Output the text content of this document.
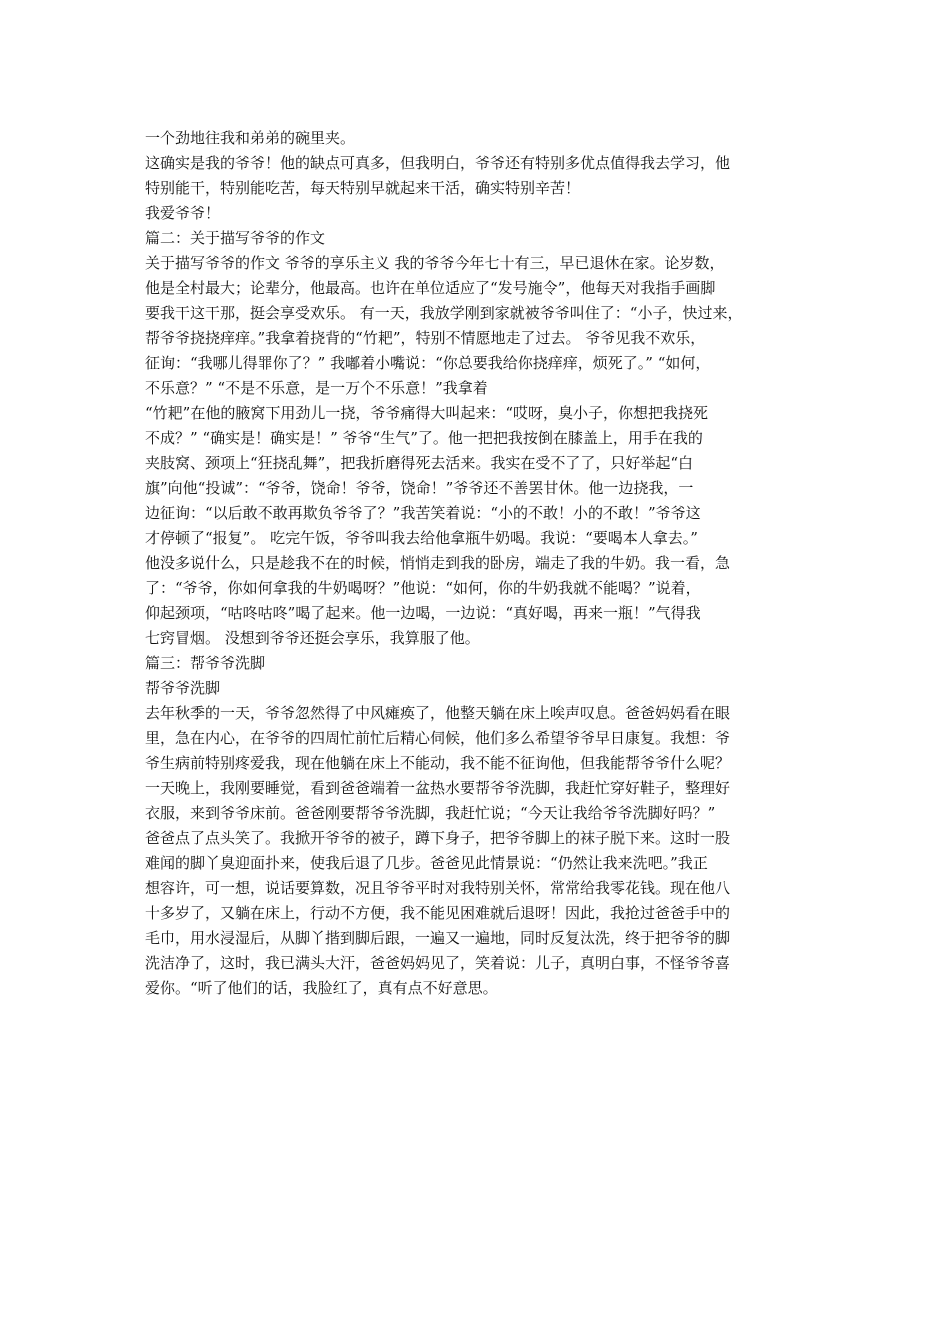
一个劲地往我和弟弟的碗里夹。
这确实是我的爷爷！他的缺点可真多，但我明白，爷爷还有特别多优点值得我去学习，他
特别能干，特别能吃苦，每天特别早就起来干活，确实特别辛苦！
我爱爷爷！
篇二：关于描写爷爷的作文
关于描写爷爷的作文 爷爷的享乐主义 我的爷爷今年七十有三，早已退休在家。论岁数，
他是全村最大；论辈分，他最高。也许在单位适应了“发号施令”，他每天对我指手画脚
要我干这干那，挺会享受欢乐。 有一天，我放学刚到家就被爷爷叫住了：“小子，快过来，
帮爷爷挠挠痒痒。”我拿着挠背的“竹耙”，特别不情愿地走了过去。 爷爷见我不欢乐，
征询：“我哪儿得罪你了？” 我嘟着小嘴说：“你总要我给你挠痒痒，烦死了。” “如何，
不乐意？” “不是不乐意，是一万个不乐意！”我拿着
“竹耙”在他的腋窝下用劲儿一挠，爷爷痛得大叫起来：“哎呀，臭小子，你想把我挠死
不成？” “确实是！确实是！” 爷爷“生气”了。他一把把我按倒在膝盖上，用手在我的
夹肢窝、颈项上“狂挠乱舞”，把我折磨得死去活来。我实在受不了了，只好举起“白
旗”向他“投诚”：“爷爷，饶命！爷爷，饶命！”爷爷还不善罢甘休。他一边挠我，一
边征询：“以后敢不敢再欺负爷爷了？”我苦笑着说：“小的不敢！小的不敢！”爷爷这
才停顿了“报复”。 吃完午饭，爷爷叫我去给他拿瓶牛奶喝。我说：“要喝本人拿去。”
他没多说什么，只是趁我不在的时候，悄悄走到我的卧房，端走了我的牛奶。我一看，急
了：“爷爷，你如何拿我的牛奶喝呀？”他说：“如何，你的牛奶我就不能喝？”说着，
仰起颈项，“咕咚咕咚”喝了起来。他一边喝，一边说：“真好喝，再来一瓶！”气得我
七窍冒烟。 没想到爷爷还挺会享乐，我算服了他。
篇三：帮爷爷洗脚
帮爷爷洗脚
去年秋季的一天，爷爷忽然得了中风瘫痪了，他整天躺在床上唉声叹息。爸爸妈妈看在眼
里，急在内心，在爷爷的四周忙前忙后精心伺候，他们多么希望爷爷早日康复。我想：爷
爷生病前特别疼爱我，现在他躺在床上不能动，我不能不征询他，但我能帮爷爷什么呢？
一天晚上，我刚要睡觉，看到爸爸端着一盆热水要帮爷爷洗脚，我赶忙穿好鞋子，整理好
衣服，来到爷爷床前。爸爸刚要帮爷爷洗脚，我赶忙说；“今天让我给爷爷洗脚好吗？”
爸爸点了点头笑了。我掀开爷爷的被子，蹲下身子，把爷爷脚上的袜子脱下来。这时一股
难闻的脚丫臭迎面扑来，使我后退了几步。爸爸见此情景说：“仍然让我来洗吧。”我正
想容许，可一想，说话要算数，况且爷爷平时对我特别关怀，常常给我零花钱。现在他八
十多岁了，又躺在床上，行动不方便，我不能见困难就后退呀！因此，我抢过爸爸手中的
毛巾，用水浸湿后，从脚丫揩到脚后跟，一遍又一遍地，同时反复汰洗，终于把爷爷的脚
洗洁净了，这时，我已满头大汗，爸爸妈妈见了，笑着说：儿子，真明白事，不怪爷爷喜
爱你。“听了他们的话，我脸红了，真有点不好意思。
